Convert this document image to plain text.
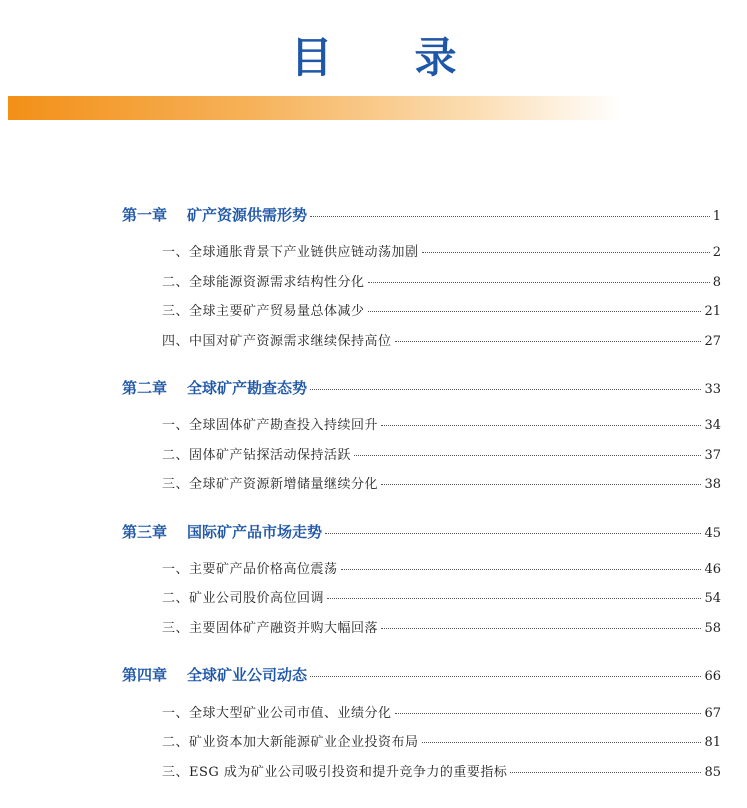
目录
第一章 矿产资源供需形势	1
一、全球通胀背景下产业链供应链动荡加剧	2
二、全球能源资源需求结构性分化	8
三、全球主要矿产贸易量总体减少	21
四、中国对矿产资源需求继续保持高位	27
第二章 全球矿产勘查态势	33
一、全球固体矿产勘查投入持续回升	34
二、固体矿产钻探活动保持活跃	37
三、全球矿产资源新增储量继续分化	38
第三章 国际矿产品市场走势	45
一、主要矿产品价格高位震荡	46
二、矿业公司股价高位回调	54
三、主要固体矿产融资并购大幅回落	58
第四章 全球矿业公司动态	66
一、全球大型矿业公司市值、业绩分化	67
二、矿业资本加大新能源矿业企业投资布局	81
三、ESG 成为矿业公司吸引投资和提升竞争力的重要指标	85
